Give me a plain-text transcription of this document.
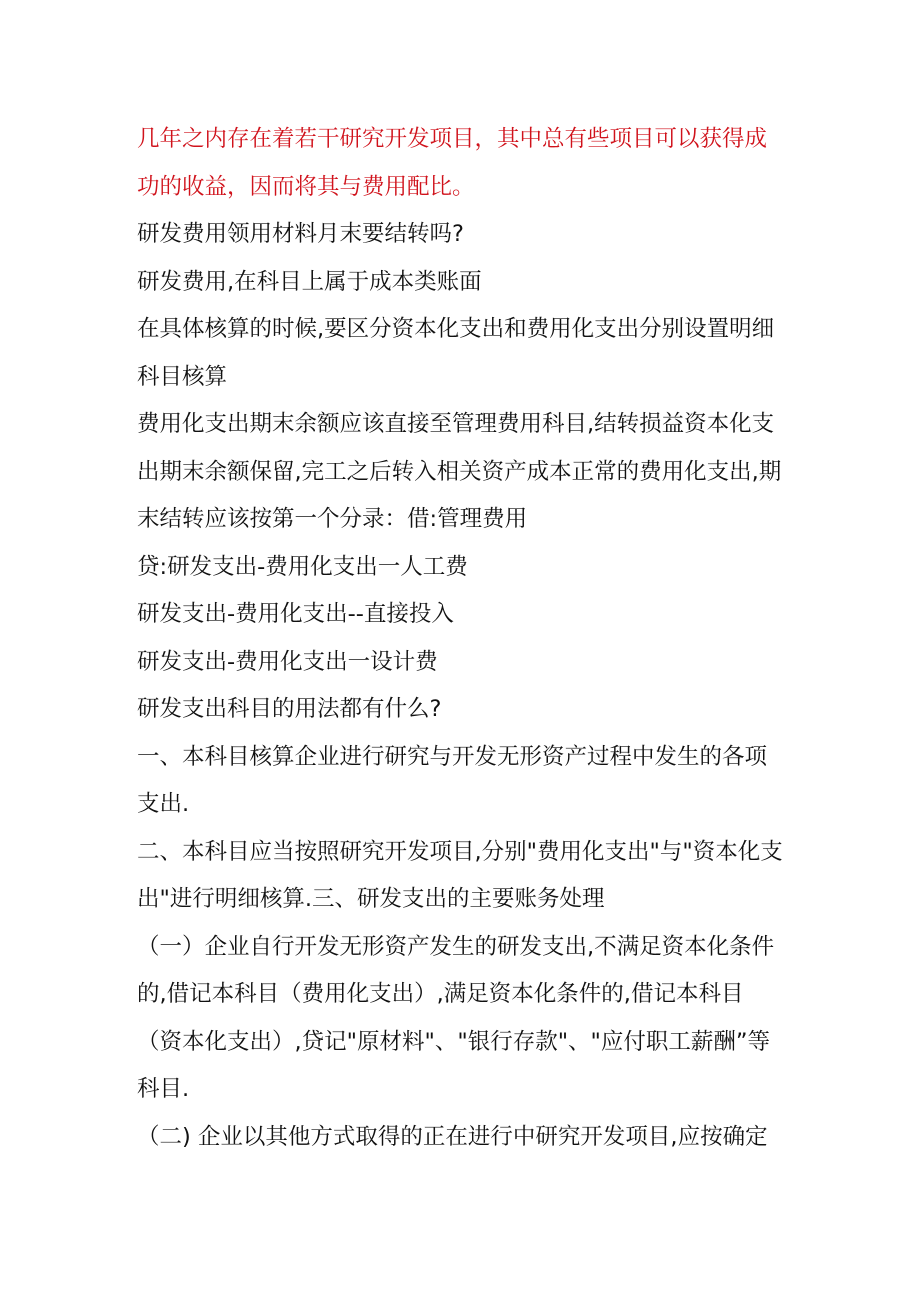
几年之内存在着若干研究开发项目，其中总有些项目可以获得成功的收益，因而将其与费用配比。

研发费用领用材料月末要结转吗?

研发费用,在科目上属于成本类账面

在具体核算的时候,要区分资本化支出和费用化支出分别设置明细科目核算

费用化支出期末余额应该直接至管理费用科目,结转损益资本化支出期末余额保留,完工之后转入相关资产成本正常的费用化支出,期末结转应该按第一个分录：借:管理费用

贷:研发支出-费用化支出一人工费

研发支出-费用化支出--直接投入

研发支出-费用化支出一设计费

研发支出科目的用法都有什么?

一、本科目核算企业进行研究与开发无形资产过程中发生的各项支出.

二、本科目应当按照研究开发项目,分别"费用化支出"与"资本化支出"进行明细核算.三、研发支出的主要账务处理

（一）企业自行开发无形资产发生的研发支出,不满足资本化条件的,借记本科目（费用化支出）,满足资本化条件的,借记本科目（资本化支出）,贷记"原材料"、"银行存款"、"应付职工薪酬”等科目.

（二) 企业以其他方式取得的正在进行中研究开发项目,应按确定
